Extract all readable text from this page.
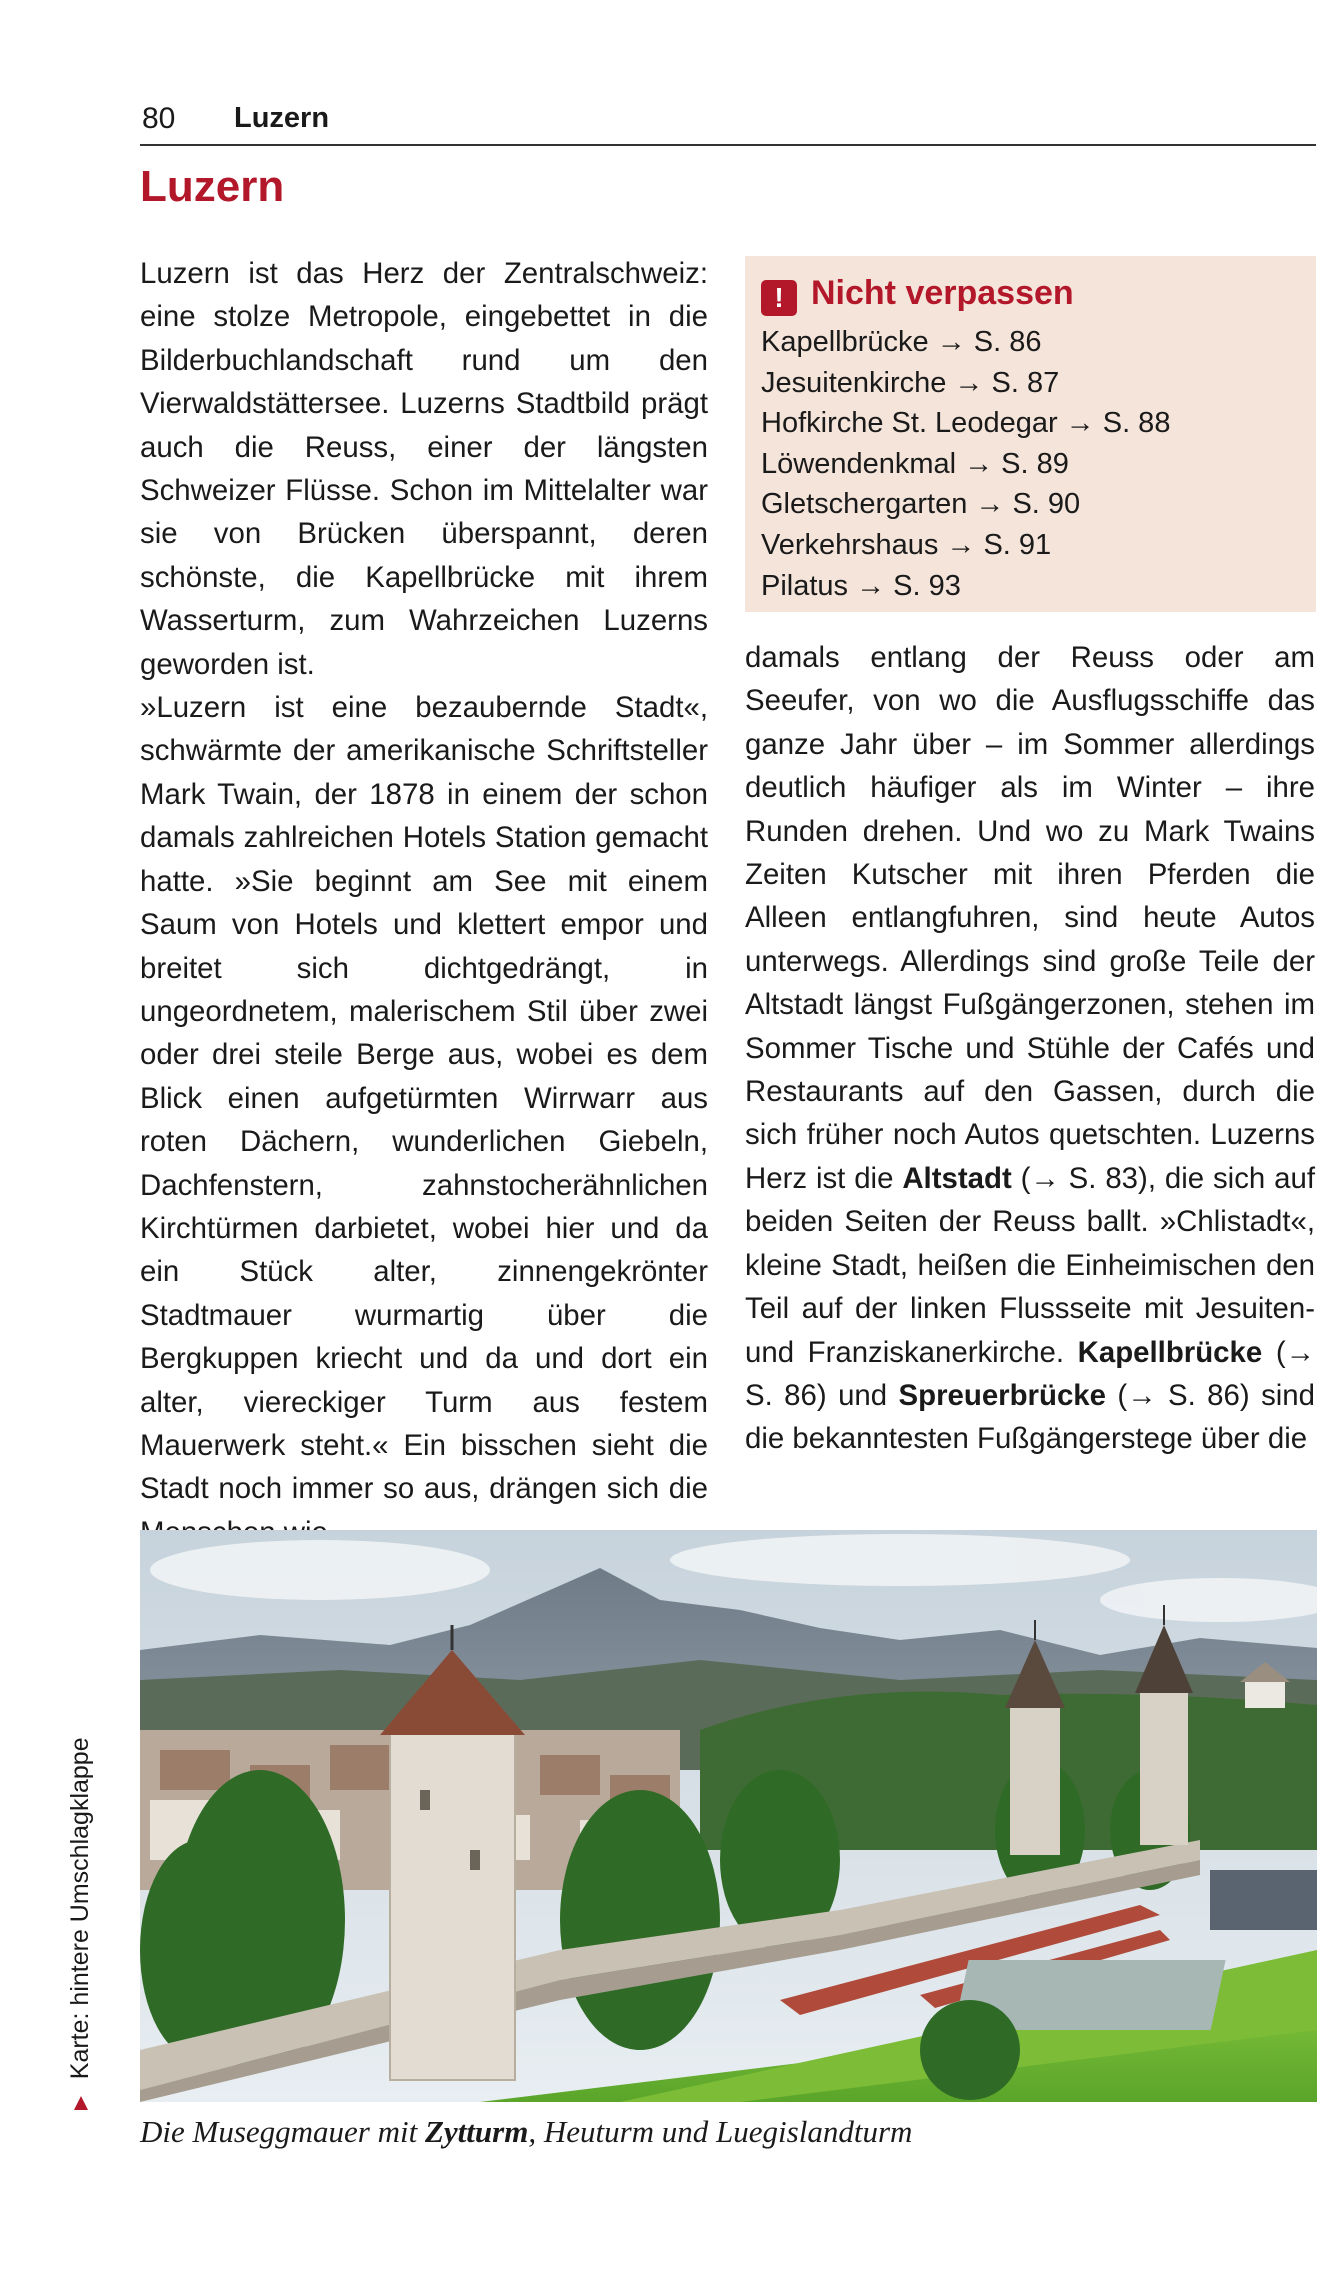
80 Luzern
Luzern

Luzern ist das Herz der Zentralschweiz: eine stolze Metropole, eingebettet in die Bilderbuchlandschaft rund um den Vierwaldstättersee. Luzerns Stadtbild prägt auch die Reuss, einer der längsten Schweizer Flüsse. Schon im Mittelalter war sie von Brücken überspannt, deren schönste, die Kapellbrücke mit ihrem Wasserturm, zum Wahrzeichen Luzerns geworden ist.

»Luzern ist eine bezaubernde Stadt«, schwärmte der amerikanische Schriftsteller Mark Twain, der 1878 in einem der schon damals zahlreichen Hotels Station gemacht hatte. »Sie beginnt am See mit einem Saum von Hotels und klettert empor und breitet sich dichtgedrängt, in ungeordnetem, malerischem Stil über zwei oder drei steile Berge aus, wobei es dem Blick einen aufgetürmten Wirrwarr aus roten Dächern, wunderlichen Giebeln, Dachfenstern, zahnstocherähnlichen Kirchtürmen darbietet, wobei hier und da ein Stück alter, zinnengekrönter Stadtmauer wurmartig über die Bergkuppen kriecht und da und dort ein alter, viereckiger Turm aus festem Mauerwerk steht.« Ein bisschen sieht die Stadt noch immer so aus, drängen sich die

! Nicht verpassen
Kapellbrücke → S. 86
Jesuitenkirche → S. 87
Hofkirche St. Leodegar → S. 88
Löwendenkmal → S. 89
Gletschergarten → S. 90
Verkehrshaus → S. 91
Pilatus → S. 93

damals entlang der Reuss oder am Seeufer, von wo die Ausflugsschiffe das ganze Jahr über – im Sommer allerdings deutlich häufiger als im Winter – ihre Runden drehen. Und wo zu Mark Twains Zeiten Kutscher mit ihren Pferden die Alleen entlangfuhren, sind heute Autos unterwegs. Allerdings sind große Teile der Altstadt längst Fußgängerzonen, stehen im Sommer Tische und Stühle der Cafés und Restaurants auf den Gassen, durch die sich früher noch Autos quetschten. Luzerns Herz ist die Altstadt (→ S. 83), die sich auf beiden Seiten der Reuss ballt. »Chlistadt«, kleine Stadt, heißen die Einheimischen den Teil auf der linken Flussseite mit Jesuiten- und Franziskanerkirche. Kapellbrücke (→ S. 86) und Spreuerbrücke (→ S. 86) sind die bekanntesten Fußgängerstege über die

Die Museggmauer mit Zytturm, Heuturm und Luegislandturm
▲Karte: hintere Umschlagklappe
